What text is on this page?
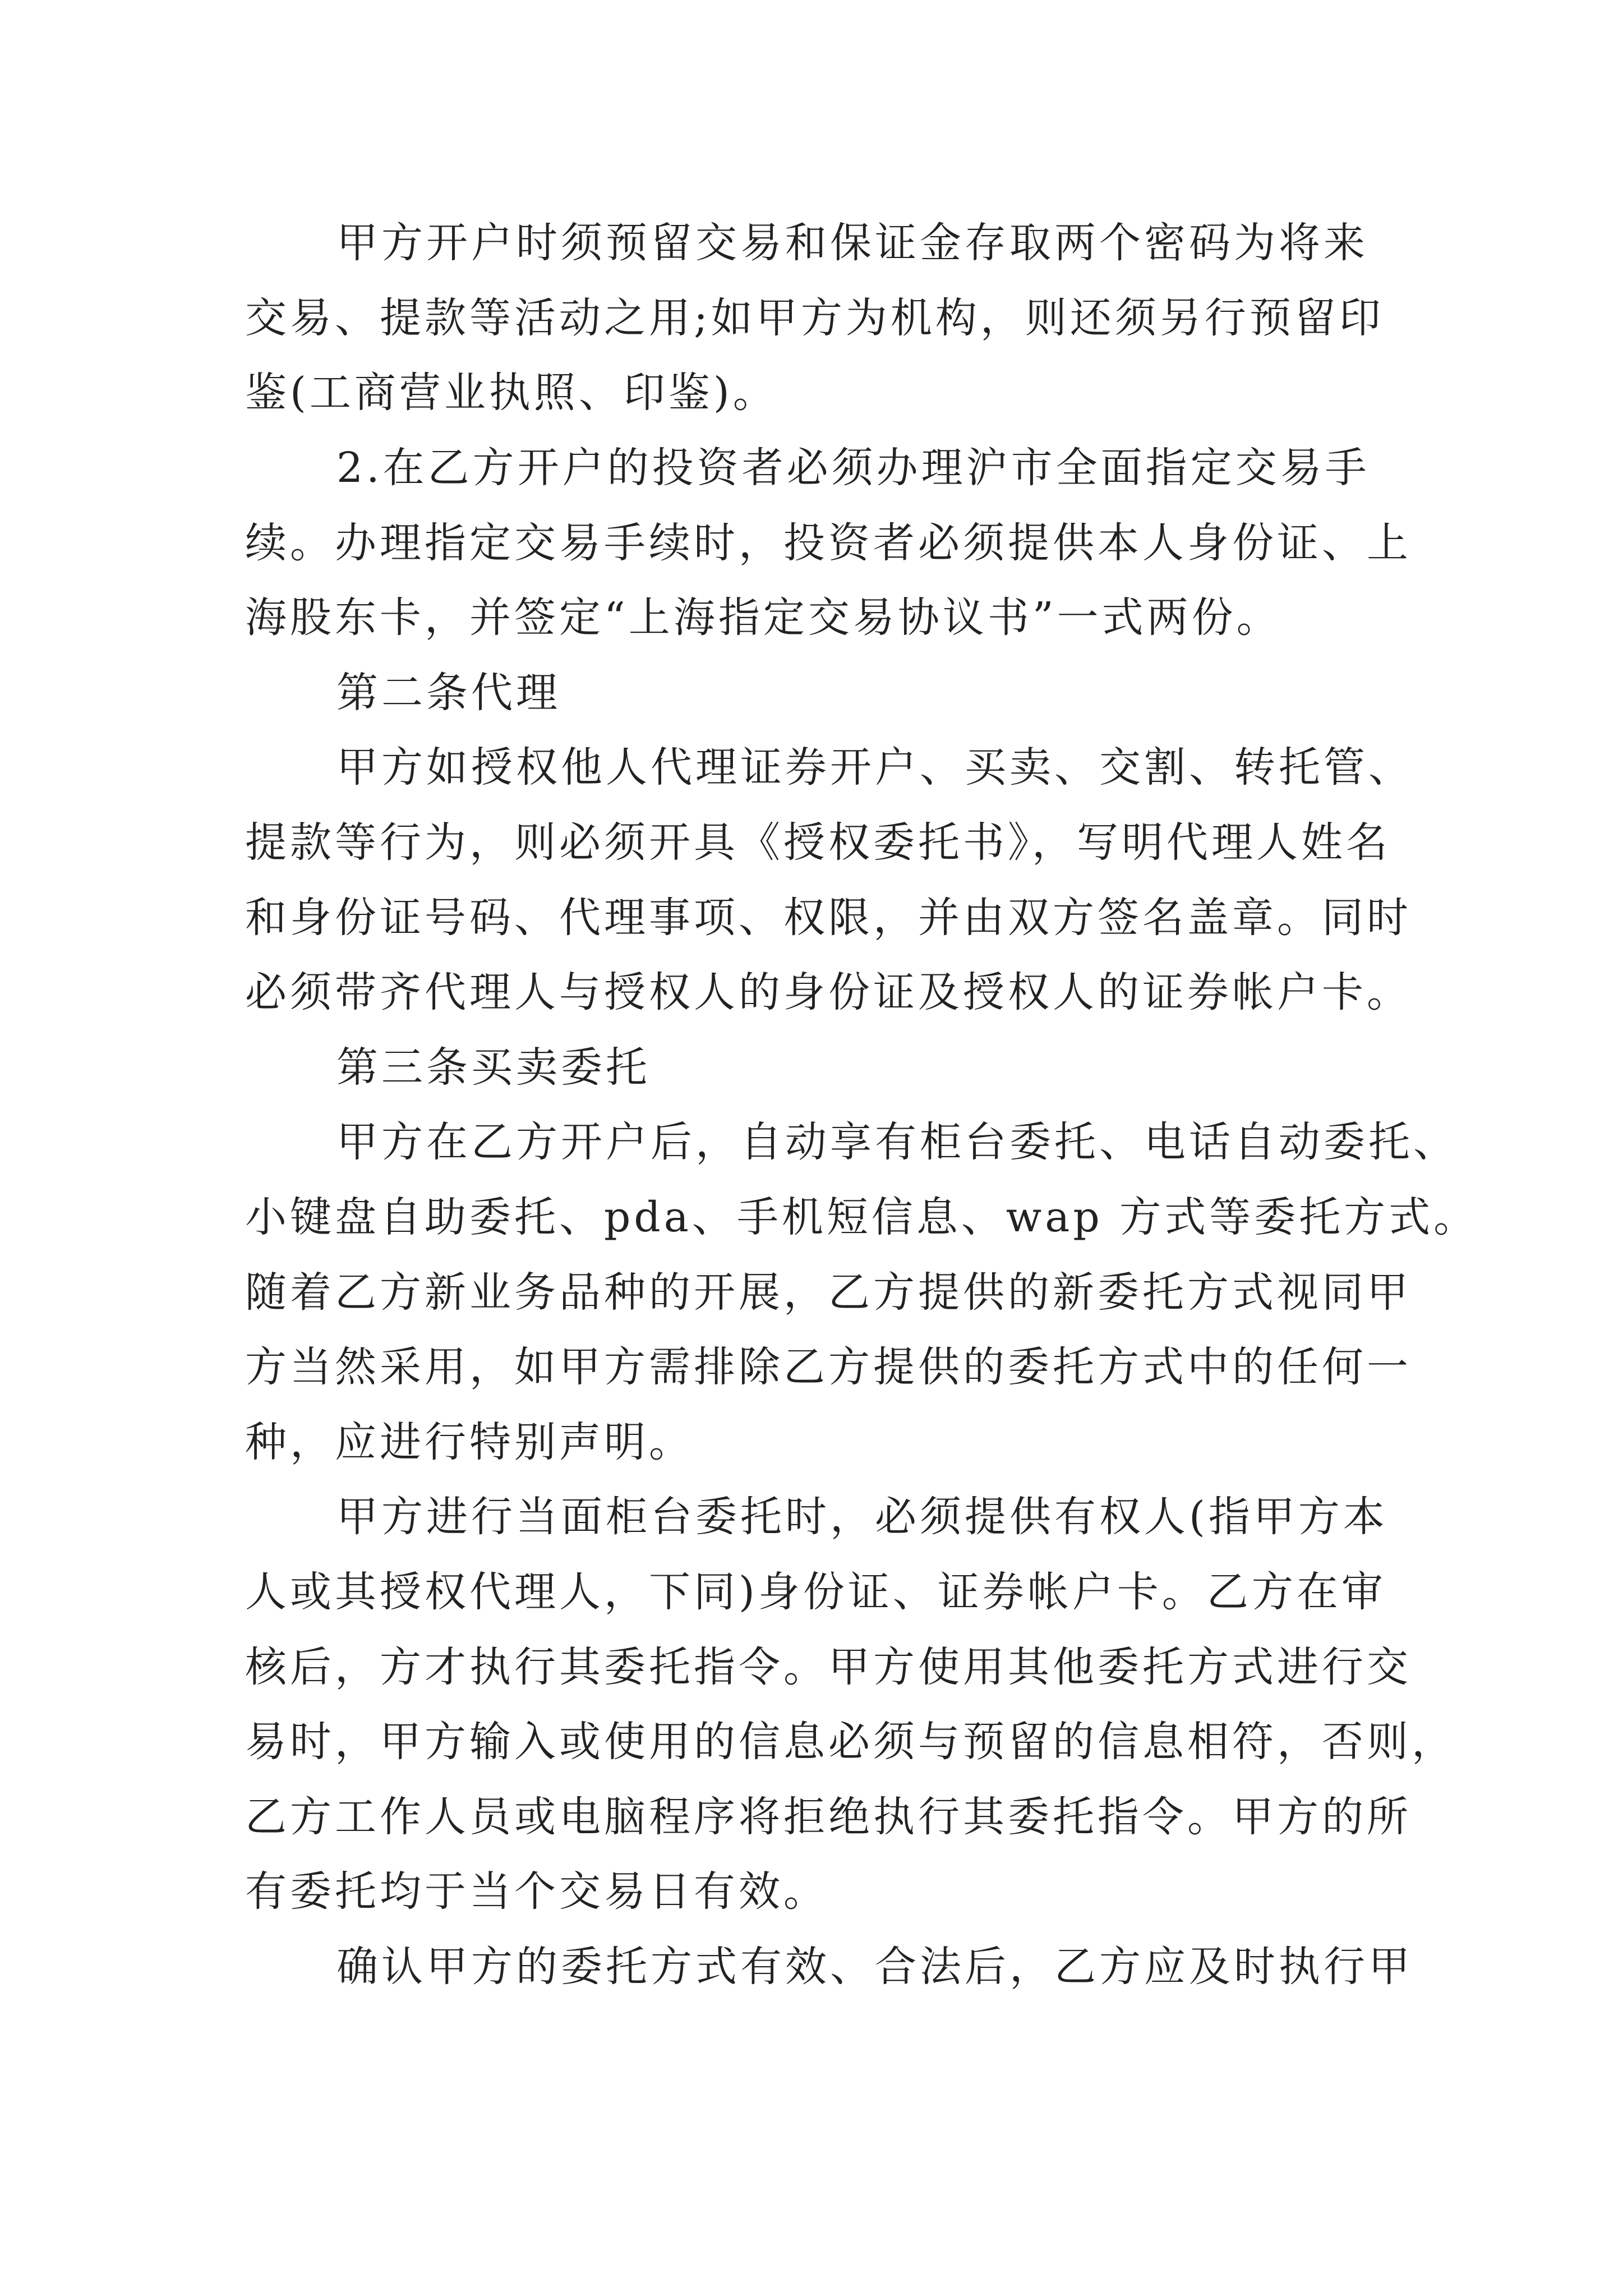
甲方开户时须预留交易和保证金存取两个密码为将来
交易、提款等活动之用;如甲方为机构，则还须另行预留印
鉴(工商营业执照、印鉴)。
2.在乙方开户的投资者必须办理沪市全面指定交易手
续。办理指定交易手续时，投资者必须提供本人身份证、上
海股东卡，并签定“上海指定交易协议书”一式两份。
第二条代理
甲方如授权他人代理证券开户、买卖、交割、转托管、
提款等行为，则必须开具《授权委托书》，写明代理人姓名
和身份证号码、代理事项、权限，并由双方签名盖章。同时
必须带齐代理人与授权人的身份证及授权人的证券帐户卡。
第三条买卖委托
甲方在乙方开户后，自动享有柜台委托、电话自动委托、
小键盘自助委托、pda、手机短信息、wap 方式等委托方式。
随着乙方新业务品种的开展，乙方提供的新委托方式视同甲
方当然采用，如甲方需排除乙方提供的委托方式中的任何一
种，应进行特别声明。
甲方进行当面柜台委托时，必须提供有权人(指甲方本
人或其授权代理人，下同)身份证、证券帐户卡。乙方在审
核后，方才执行其委托指令。甲方使用其他委托方式进行交
易时，甲方输入或使用的信息必须与预留的信息相符，否则，
乙方工作人员或电脑程序将拒绝执行其委托指令。甲方的所
有委托均于当个交易日有效。
确认甲方的委托方式有效、合法后，乙方应及时执行甲
